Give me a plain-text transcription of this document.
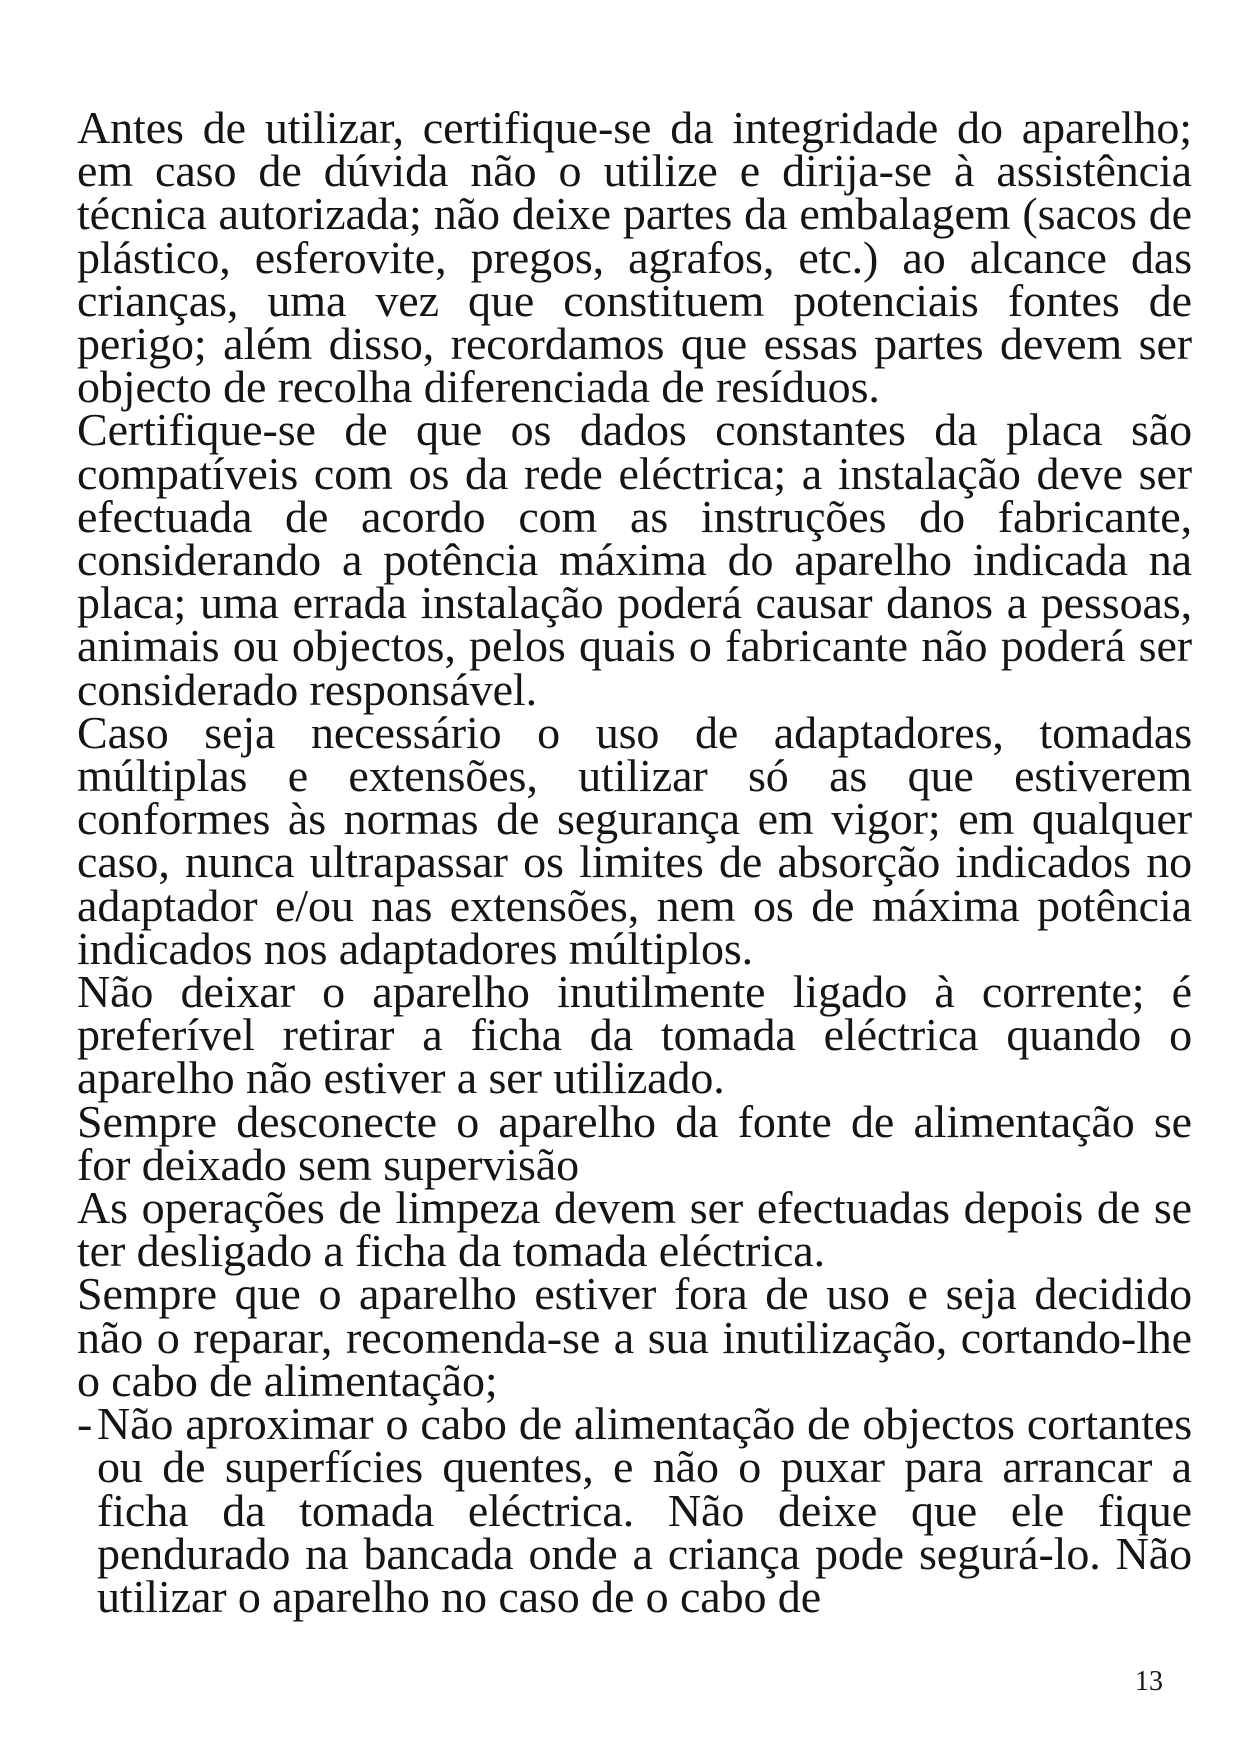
Antes de utilizar, certifique-se da integridade do aparelho; em caso de dúvida não o utilize e dirija-se à assistência técnica autorizada; não deixe partes da embalagem (sacos de plástico, esferovite, pregos, agrafos, etc.) ao alcance das crianças, uma vez que constituem potenciais fontes de perigo; além disso, recordamos que essas partes devem ser objecto de recolha diferenciada de resíduos.

Certifique-se de que os dados constantes da placa são compatíveis com os da rede eléctrica; a instalação deve ser efectuada de acordo com as instruções do fabricante, considerando a potência máxima do aparelho indicada na placa; uma errada instalação poderá causar danos a pessoas, animais ou objectos, pelos quais o fabricante não poderá ser considerado responsável.

Caso seja necessário o uso de adaptadores, tomadas múltiplas e extensões, utilizar só as que estiverem conformes às normas de segurança em vigor; em qualquer caso, nunca ultrapassar os limites de absorção indicados no adaptador e/ou nas extensões, nem os de máxima potência indicados nos adaptadores múltiplos.

Não deixar o aparelho inutilmente ligado à corrente; é preferível retirar a ficha da tomada eléctrica quando o aparelho não estiver a ser utilizado.

Sempre desconecte o aparelho da fonte de alimentação se for deixado sem supervisão

As operações de limpeza devem ser efectuadas depois de se ter desligado a ficha da tomada eléctrica.

Sempre que o aparelho estiver fora de uso e seja decidido não o reparar, recomenda-se a sua inutilização, cortando-lhe o cabo de alimentação;

- Não aproximar o cabo de alimentação de objectos cortantes ou de superfícies quentes, e não o puxar para arrancar a ficha da tomada eléctrica. Não deixe que ele fique pendurado na bancada onde a criança pode segurá-lo. Não utilizar o aparelho no caso de o cabo de
13
